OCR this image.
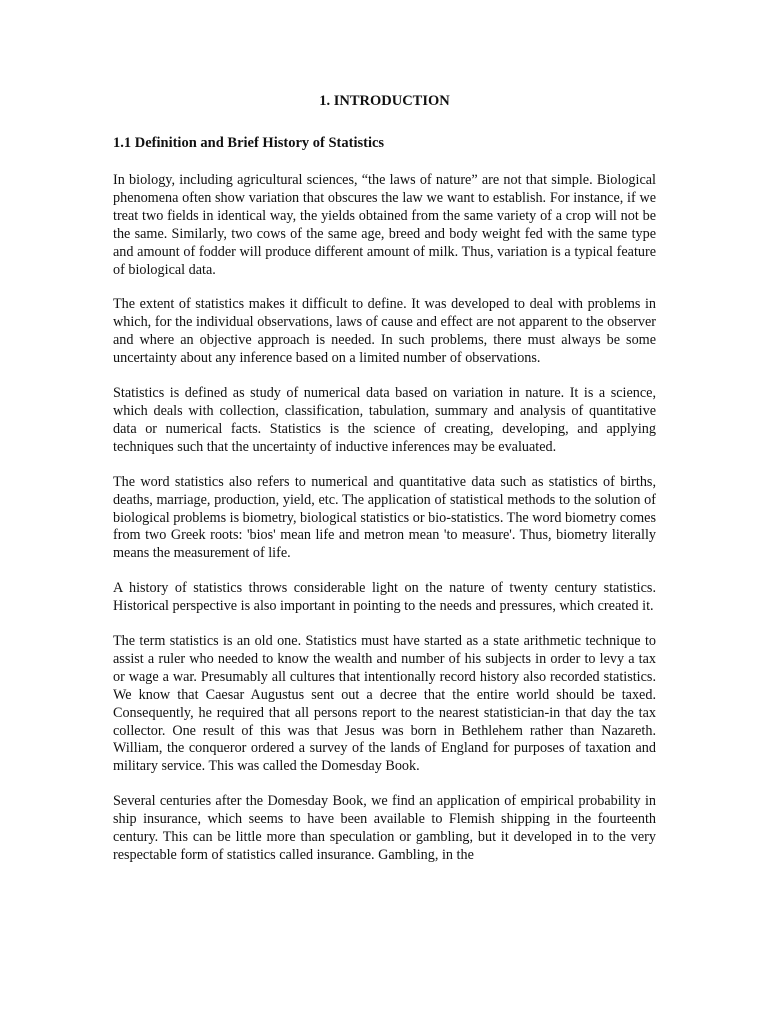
1. INTRODUCTION
1.1 Definition and Brief History of Statistics

In biology, including agricultural sciences, “the laws of nature” are not that simple. Biological phenomena often show variation that obscures the law we want to establish. For instance, if we treat two fields in identical way, the yields obtained from the same variety of a crop will not be the same. Similarly, two cows of the same age, breed and body weight fed with the same type and amount of fodder will produce different amount of milk. Thus, variation is a typical feature of biological data.

The extent of statistics makes it difficult to define. It was developed to deal with problems in which, for the individual observations, laws of cause and effect are not apparent to the observer and where an objective approach is needed. In such problems, there must always be some uncertainty about any inference based on a limited number of observations.

Statistics is defined as study of numerical data based on variation in nature. It is a science, which deals with collection, classification, tabulation, summary and analysis of quantitative data or numerical facts. Statistics is the science of creating, developing, and applying techniques such that the uncertainty of inductive inferences may be evaluated.

The word statistics also refers to numerical and quantitative data such as statistics of births, deaths, marriage, production, yield, etc. The application of statistical methods to the solution of biological problems is biometry, biological statistics or bio-statistics. The word biometry comes from two Greek roots: 'bios' mean life and metron mean 'to measure'. Thus, biometry literally means the measurement of life.

A history of statistics throws considerable light on the nature of twenty century statistics. Historical perspective is also important in pointing to the needs and pressures, which created it.

The term statistics is an old one. Statistics must have started as a state arithmetic technique to assist a ruler who needed to know the wealth and number of his subjects in order to levy a tax or wage a war. Presumably all cultures that intentionally record history also recorded statistics. We know that Caesar Augustus sent out a decree that the entire world should be taxed. Consequently, he required that all persons report to the nearest statistician-in that day the tax collector. One result of this was that Jesus was born in Bethlehem rather than Nazareth. William, the conqueror ordered a survey of the lands of England for purposes of taxation and military service. This was called the Domesday Book.

Several centuries after the Domesday Book, we find an application of empirical probability in ship insurance, which seems to have been available to Flemish shipping in the fourteenth century. This can be little more than speculation or gambling, but it developed in to the very respectable form of statistics called insurance. Gambling, in the
